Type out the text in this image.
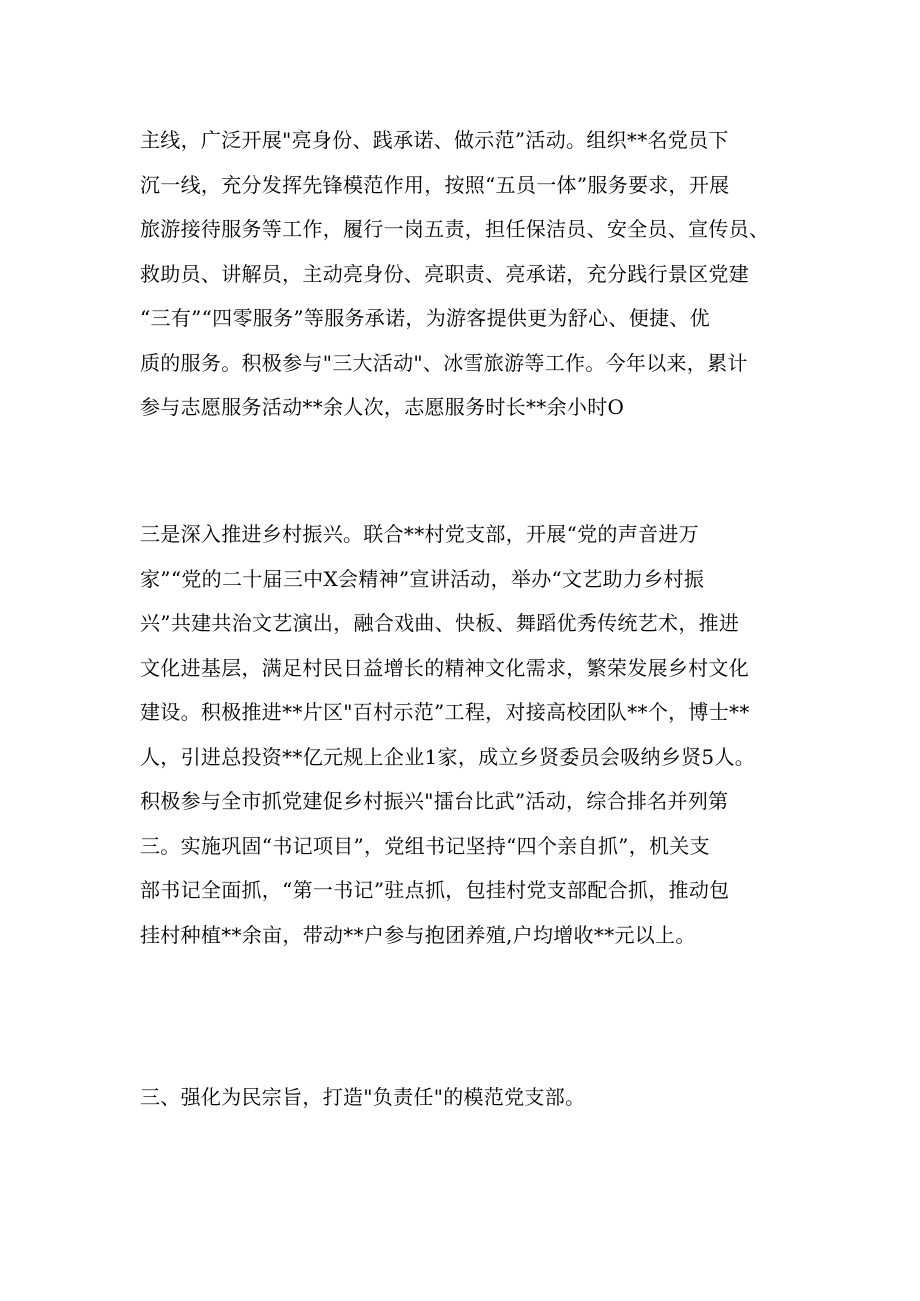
主线，广泛开展"亮身份、践承诺、做示范”活动。组织**名党员下
沉一线，充分发挥先锋模范作用，按照“五员一体”服务要求，开展
旅游接待服务等工作，履行一岗五责，担任保洁员、安全员、宣传员、
救助员、讲解员，主动亮身份、亮职责、亮承诺，充分践行景区党建
“三有”“四零服务”等服务承诺，为游客提供更为舒心、便捷、优
质的服务。积极参与"三大活动"、冰雪旅游等工作。今年以来，累计
参与志愿服务活动**余人次，志愿服务时长**余小时O
三是深入推进乡村振兴。联合**村党支部，开展“党的声音进万
家”“党的二十届三中X会精神”宣讲活动，举办“文艺助力乡村振
兴”共建共治文艺演出，融合戏曲、快板、舞蹈优秀传统艺术，推进
文化进基层，满足村民日益增长的精神文化需求，繁荣发展乡村文化
建设。积极推进**片区"百村示范”工程，对接高校团队**个，博士**
人，引进总投资**亿元规上企业1家，成立乡贤委员会吸纳乡贤5人。
积极参与全市抓党建促乡村振兴"擂台比武”活动，综合排名并列第
三。实施巩固“书记项目”，党组书记坚持“四个亲自抓”，机关支
部书记全面抓，“第一书记”驻点抓，包挂村党支部配合抓，推动包
挂村种植**余亩，带动**户参与抱团养殖,户均增收**元以上。
三、强化为民宗旨，打造"负责任"的模范党支部。
